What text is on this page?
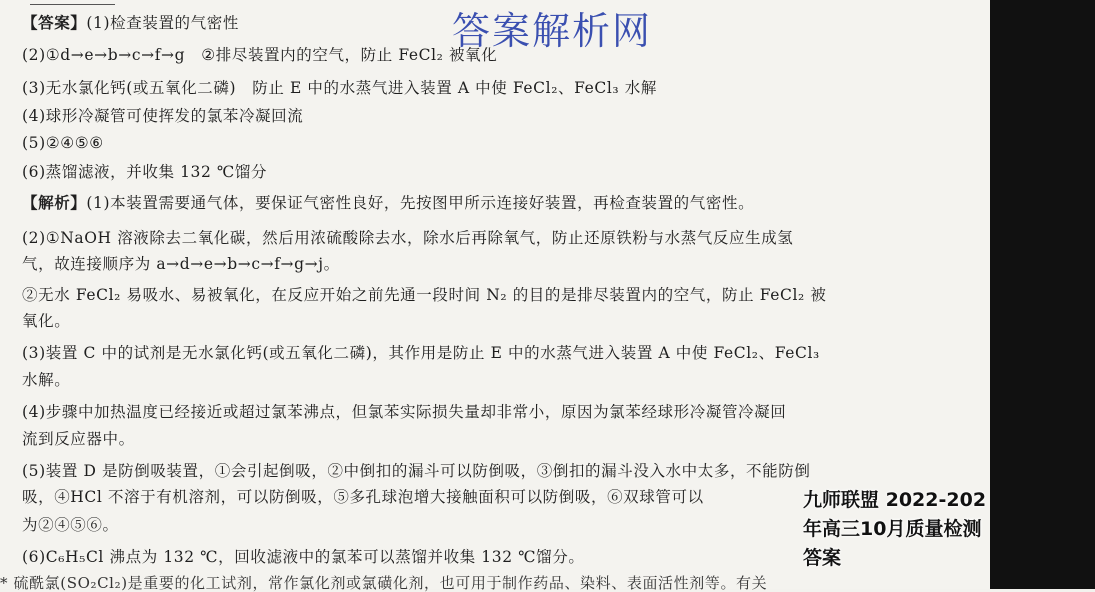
【答案】(1)检查装置的气密性
(2)①d→e→b→c→f→g　②排尽装置内的空气，防止 FeCl₂ 被氧化
(3)无水氯化钙(或五氧化二磷)　防止 E 中的水蒸气进入装置 A 中使 FeCl₂、FeCl₃ 水解
(4)球形冷凝管可使挥发的氯苯冷凝回流
(5)②④⑤⑥
(6)蒸馏滤液，并收集 132 ℃馏分
【解析】(1)本装置需要通气体，要保证气密性良好，先按图甲所示连接好装置，再检查装置的气密性。
(2)①NaOH 溶液除去二氧化碳，然后用浓硫酸除去水，除水后再除氧气，防止还原铁粉与水蒸气反应生成氢
气，故连接顺序为 a→d→e→b→c→f→g→j。
②无水 FeCl₂ 易吸水、易被氧化，在反应开始之前先通一段时间 N₂ 的目的是排尽装置内的空气，防止 FeCl₂ 被
氧化。
(3)装置 C 中的试剂是无水氯化钙(或五氧化二磷)，其作用是防止 E 中的水蒸气进入装置 A 中使 FeCl₂、FeCl₃
水解。
(4)步骤中加热温度已经接近或超过氯苯沸点，但氯苯实际损失量却非常小，原因为氯苯经球形冷凝管冷凝回
流到反应器中。
(5)装置 D 是防倒吸装置，①会引起倒吸，②中倒扣的漏斗可以防倒吸，③倒扣的漏斗没入水中太多，不能防倒
吸，④HCl 不溶于有机溶剂，可以防倒吸，⑤多孔球泡增大接触面积可以防倒吸，⑥双球管可以
为②④⑤⑥。
(6)C₆H₅Cl 沸点为 132 ℃，回收滤液中的氯苯可以蒸馏并收集 132 ℃馏分。
* 硫酰氯(SO₂Cl₂)是重要的化工试剂，常作氯化剂或氯磺化剂，也可用于制作药品、染料、表面活性剂等。有关
答案解析网
九师联盟 2022-202
年高三10月质量检测
答案
